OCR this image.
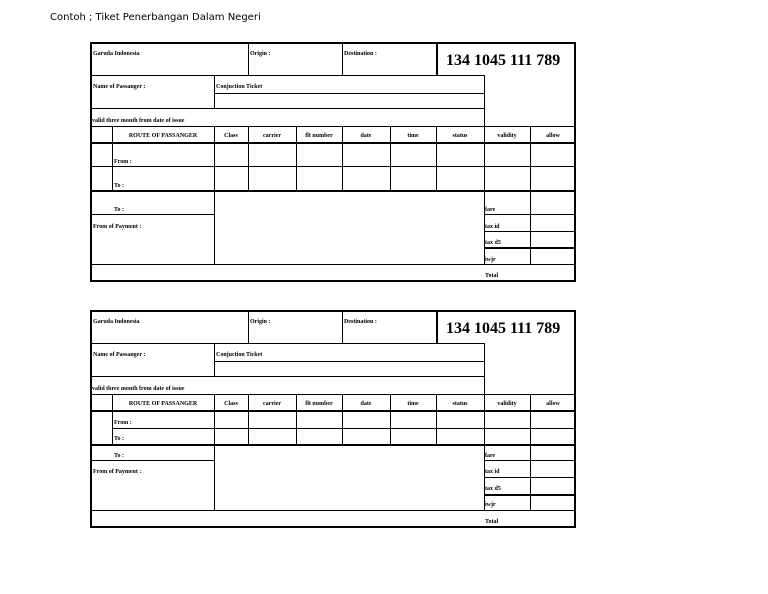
Contoh ; Tiket Penerbangan Dalam Negeri
Garuda Indonesia	Origin :	Destination :	134 1045 111 789
Name of Passanger :	Conjuction Ticket
valid three month from date of issue
ROUTE OF PASSANGER	Class	carrier	flt number	date	time	status	validity	allow
From :
To :
To :
From of Payment :
fare
tax id
tax d5
iwjr
Total
Garuda Indonesia	Origin :	Destination :	134 1045 111 789
Name of Passanger :	Conjuction Ticket
valid three month from date of issue
ROUTE OF PASSANGER	Class	carrier	flt number	date	time	status	validity	allow
From :
To :
To :
From of Payment :
fare
tax id
tax d5
iwjr
Total
